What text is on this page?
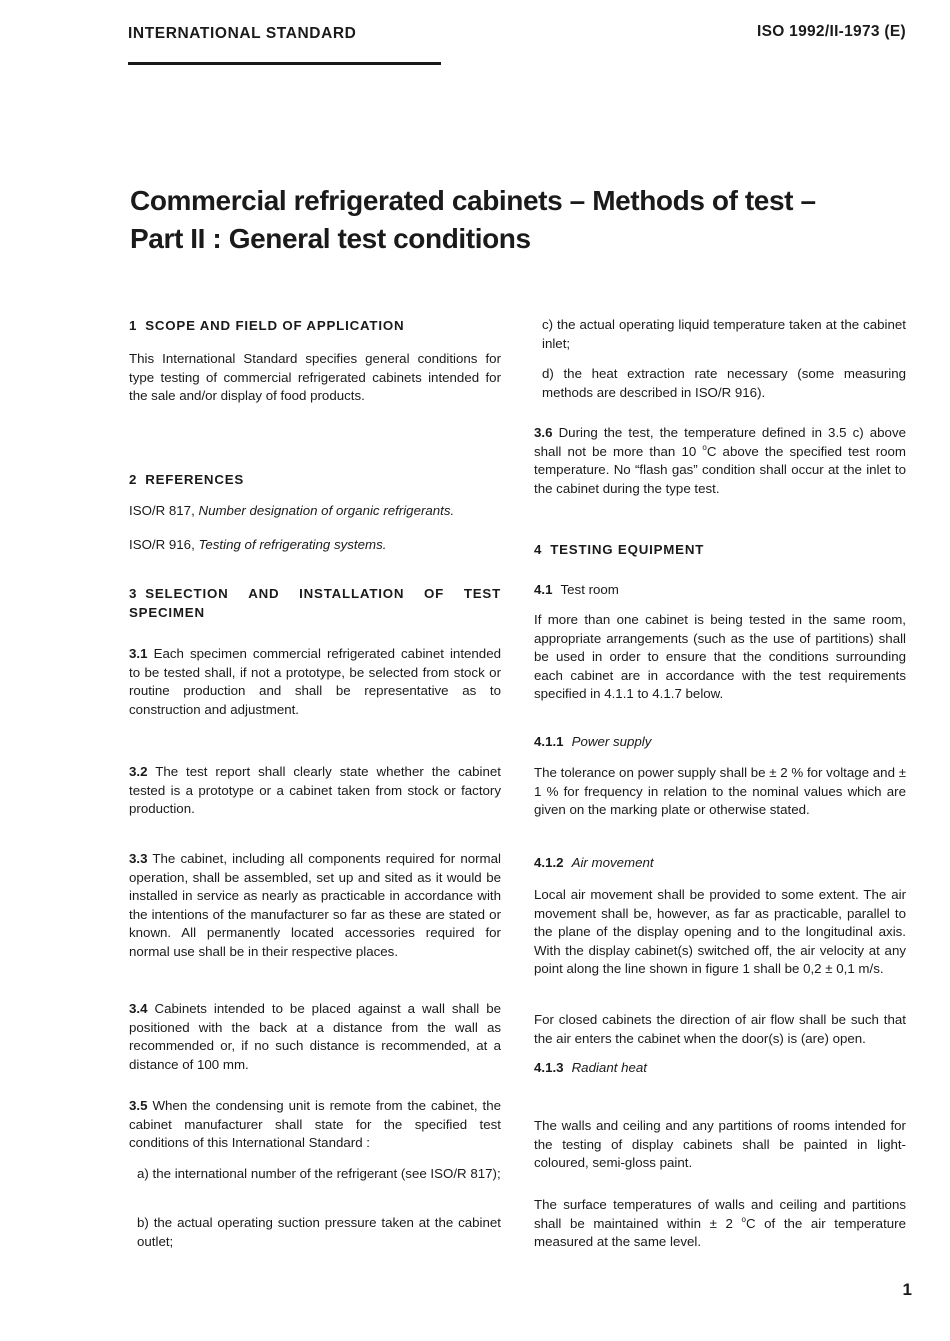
INTERNATIONAL STANDARD	ISO 1992/II-1973 (E)
Commercial refrigerated cabinets – Methods of test –
Part II : General test conditions
1 SCOPE AND FIELD OF APPLICATION

This International Standard specifies general conditions for type testing of commercial refrigerated cabinets intended for the sale and/or display of food products.

2 REFERENCES

ISO/R 817, Number designation of organic refrigerants.

ISO/R 916, Testing of refrigerating systems.

3 SELECTION AND INSTALLATION OF TEST
SPECIMEN

3.1 Each specimen commercial refrigerated cabinet intended to be tested shall, if not a prototype, be selected from stock or routine production and shall be representative as to construction and adjustment.

3.2 The test report shall clearly state whether the cabinet tested is a prototype or a cabinet taken from stock or factory production.

3.3 The cabinet, including all components required for normal operation, shall be assembled, set up and sited as it would be installed in service as nearly as practicable in accordance with the intentions of the manufacturer so far as these are stated or known. All permanently located accessories required for normal use shall be in their respective places.

3.4 Cabinets intended to be placed against a wall shall be positioned with the back at a distance from the wall as recommended or, if no such distance is recommended, at a distance of 100 mm.

3.5 When the condensing unit is remote from the cabinet, the cabinet manufacturer shall state for the specified test conditions of this International Standard :

a) the international number of the refrigerant (see ISO/R 817);

b) the actual operating suction pressure taken at the cabinet outlet;

c) the actual operating liquid temperature taken at the cabinet inlet;

d) the heat extraction rate necessary (some measuring methods are described in ISO/R 916).

3.6 During the test, the temperature defined in 3.5 c) above shall not be more than 10 $^o$C above the specified test room temperature. No “flash gas” condition shall occur at the inlet to the cabinet during the type test.

4 TESTING EQUIPMENT
4.1 Test room

If more than one cabinet is being tested in the same room, appropriate arrangements (such as the use of partitions) shall be used in order to ensure that the conditions surrounding each cabinet are in accordance with the test requirements specified in 4.1.1 to 4.1.7 below.

4.1.1 Power supply

The tolerance on power supply shall be ± 2 % for voltage and ± 1 % for frequency in relation to the nominal values which are given on the marking plate or otherwise stated.

4.1.2 Air movement

Local air movement shall be provided to some extent. The air movement shall be, however, as far as practicable, parallel to the plane of the display opening and to the longitudinal axis. With the display cabinet(s) switched off, the air velocity at any point along the line shown in figure 1 shall be 0,2 ± 0,1 m/s.

For closed cabinets the direction of air flow shall be such that the air enters the cabinet when the door(s) is (are) open.

4.1.3 Radiant heat

The walls and ceiling and any partitions of rooms intended for the testing of display cabinets shall be painted in light-coloured, semi-gloss paint.

The surface temperatures of walls and ceiling and partitions shall be maintained within ± 2 $^o$C of the air temperature measured at the same level.

1
